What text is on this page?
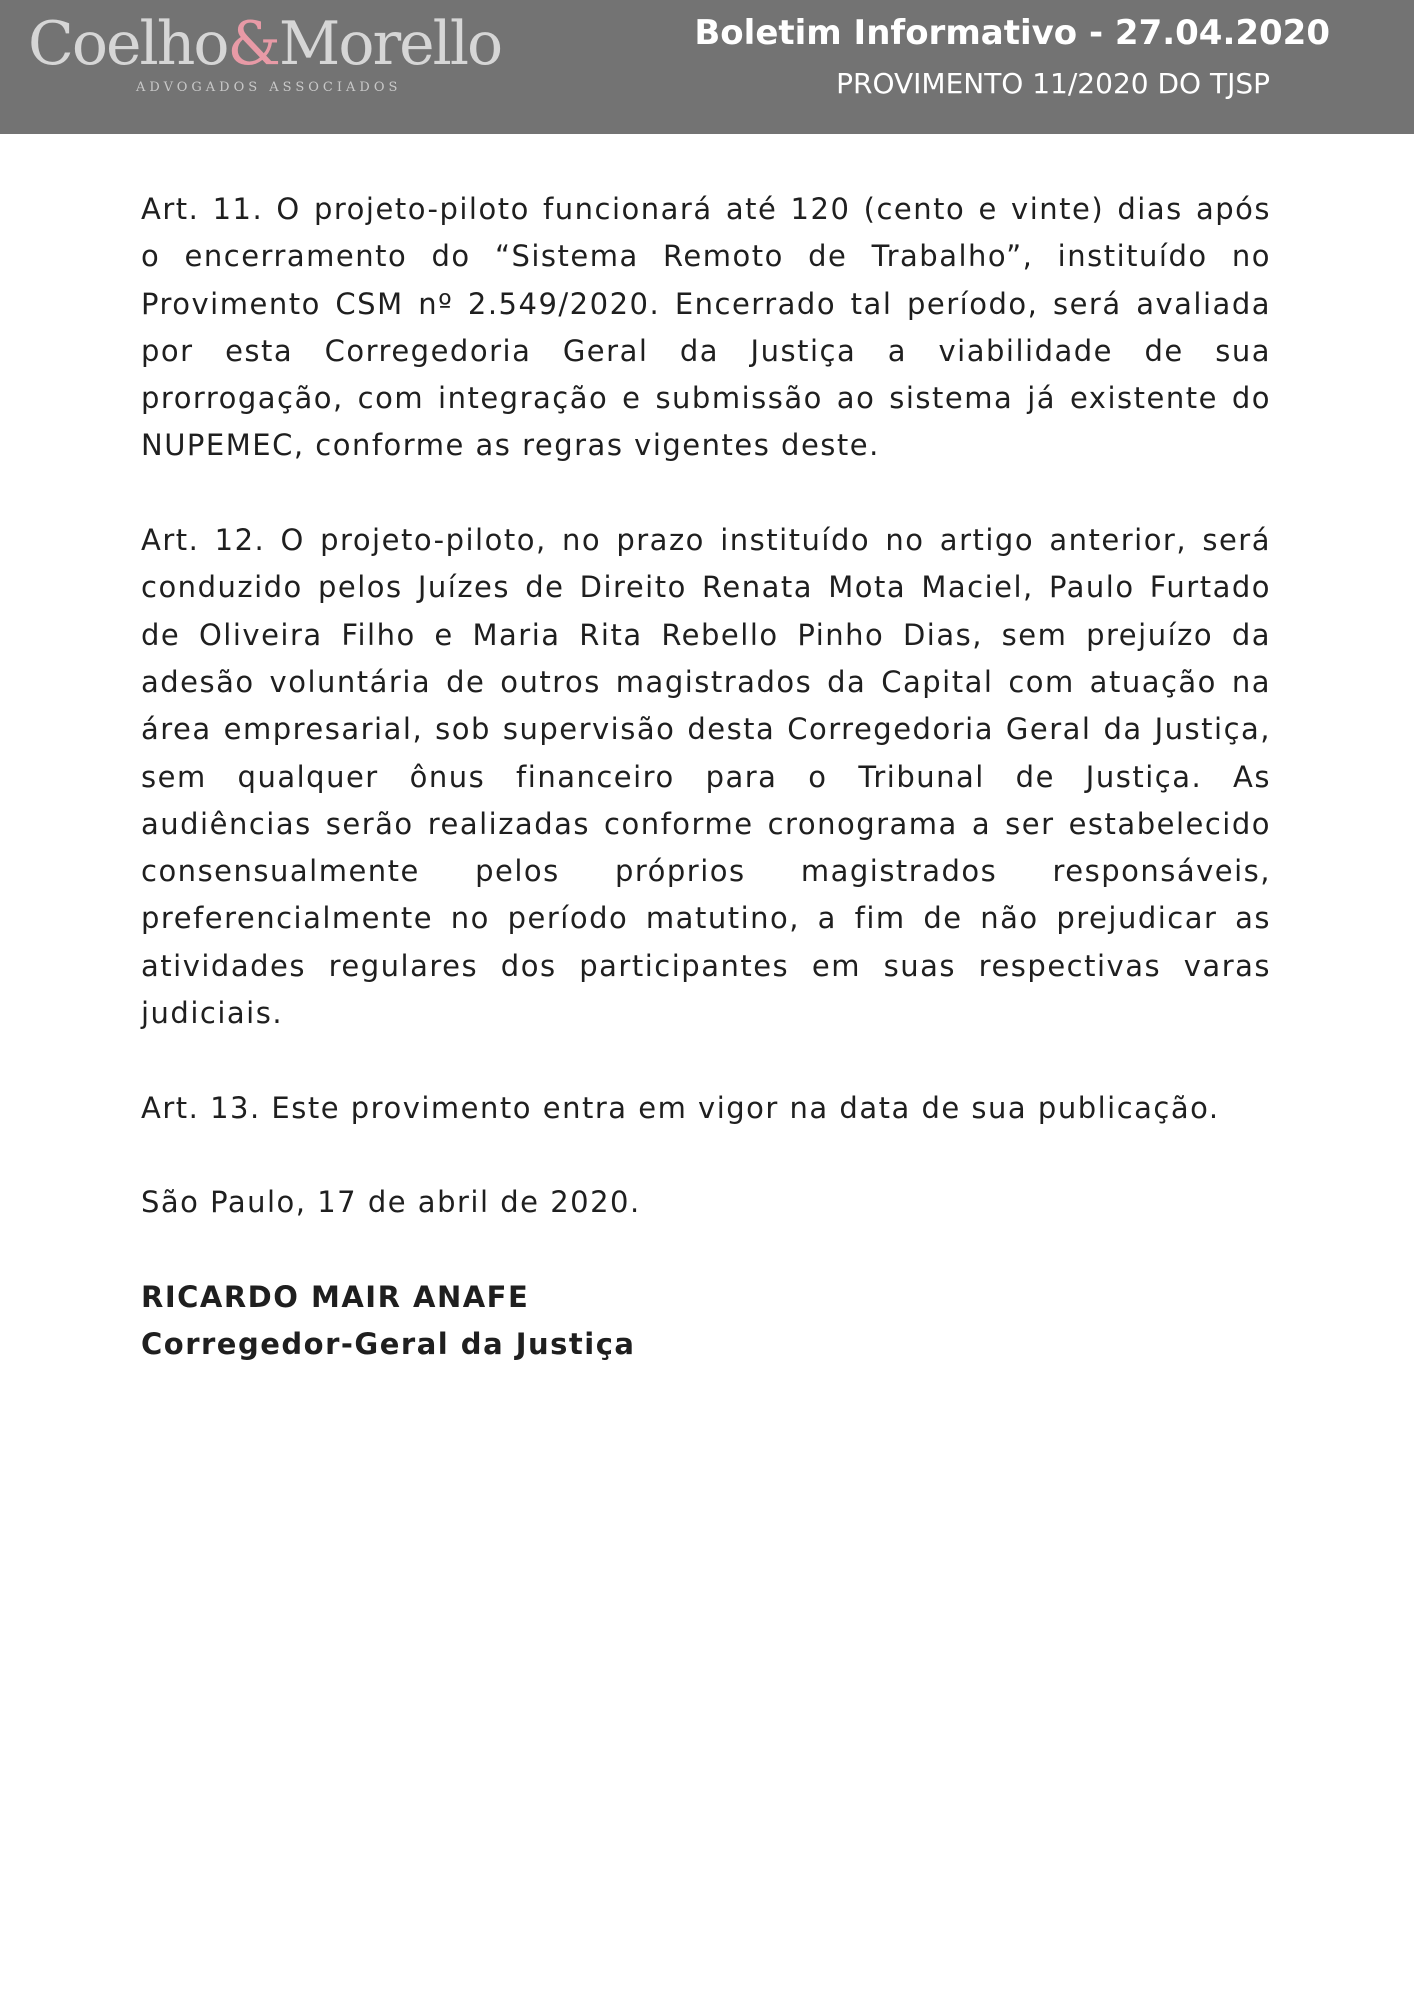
Coelho&Morello
ADVOGADOS ASSOCIADOS
Boletim Informativo - 27.04.2020
PROVIMENTO 11/2020 DO TJSP

Art. 11. O projeto-piloto funcionará até 120 (cento e vinte) dias após o encerramento do “Sistema Remoto de Trabalho”, instituído no Provimento CSM nº 2.549/2020. Encerrado tal período, será avaliada por esta Corregedoria Geral da Justiça a viabilidade de sua prorrogação, com integração e submissão ao sistema já existente do NUPEMEC, conforme as regras vigentes deste.

Art. 12. O projeto-piloto, no prazo instituído no artigo anterior, será conduzido pelos Juízes de Direito Renata Mota Maciel, Paulo Furtado de Oliveira Filho e Maria Rita Rebello Pinho Dias, sem prejuízo da adesão voluntária de outros magistrados da Capital com atuação na área empresarial, sob supervisão desta Corregedoria Geral da Justiça, sem qualquer ônus financeiro para o Tribunal de Justiça. As audiências serão realizadas conforme cronograma a ser estabelecido consensualmente pelos próprios magistrados responsáveis, preferencialmente no período matutino, a fim de não prejudicar as atividades regulares dos participantes em suas respectivas varas judiciais.

Art. 13. Este provimento entra em vigor na data de sua publicação.

São Paulo, 17 de abril de 2020.

RICARDO MAIR ANAFE
Corregedor-Geral da Justiça
